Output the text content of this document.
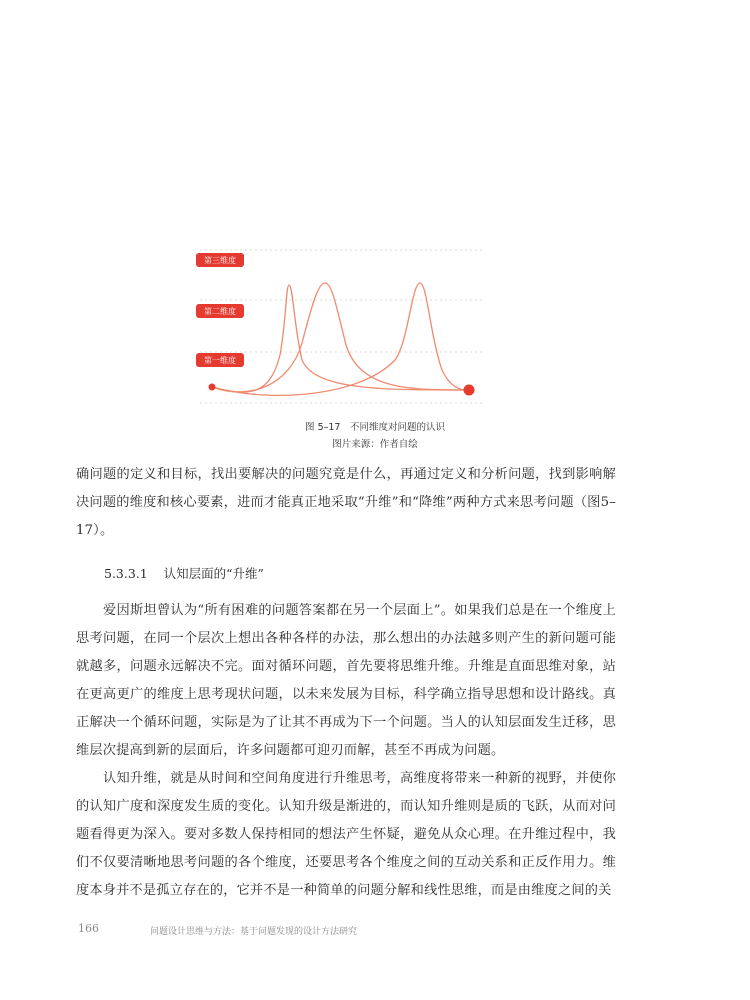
第三维度
第二维度
第一维度
图 5–17　不同维度对问题的认识
图片来源：作者自绘

确问题的定义和目标，找出要解决的问题究竟是什么，再通过定义和分析问题，找到影响解决问题的维度和核心要素，进而才能真正地采取“升维”和“降维”两种方式来思考问题（图5–17）。

5.3.3.1 认知层面的“升维”

爱因斯坦曾认为“所有困难的问题答案都在另一个层面上”。如果我们总是在一个维度上思考问题，在同一个层次上想出各种各样的办法，那么想出的办法越多则产生的新问题可能就越多，问题永远解决不完。面对循环问题，首先要将思维升维。升维是直面思维对象，站在更高更广的维度上思考现状问题，以未来发展为目标，科学确立指导思想和设计路线。真正解决一个循环问题，实际是为了让其不再成为下一个问题。当人的认知层面发生迁移，思维层次提高到新的层面后，许多问题都可迎刃而解，甚至不再成为问题。

认知升维，就是从时间和空间角度进行升维思考，高维度将带来一种新的视野，并使你的认知广度和深度发生质的变化。认知升级是渐进的，而认知升维则是质的飞跃，从而对问题看得更为深入。要对多数人保持相同的想法产生怀疑，避免从众心理。在升维过程中，我们不仅要清晰地思考问题的各个维度，还要思考各个维度之间的互动关系和正反作用力。维度本身并不是孤立存在的，它并不是一种简单的问题分解和线性思维，而是由维度之间的关

166	问题设计思维与方法：基于问题发现的设计方法研究
